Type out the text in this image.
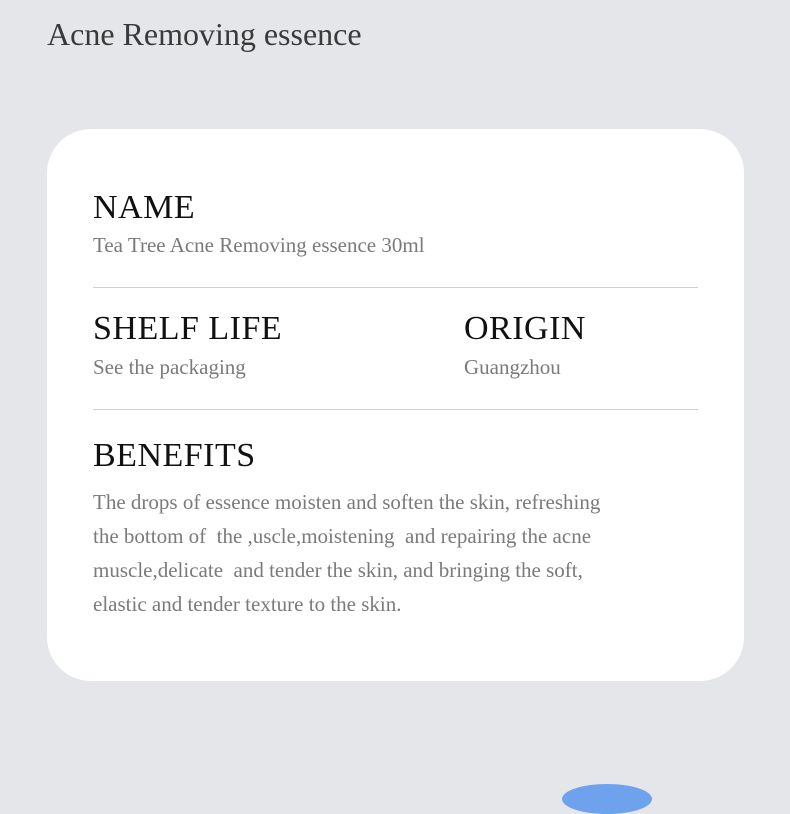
Acne Removing essence
NAME
Tea Tree Acne Removing essence 30ml
SHELF LIFE
See the packaging
ORIGIN
Guangzhou
BENEFITS
The drops of essence moisten and soften the skin, refreshing
the bottom of  the ,uscle,moistening  and repairing the acne
muscle,delicate  and tender the skin, and bringing the soft,
elastic and tender texture to the skin.
